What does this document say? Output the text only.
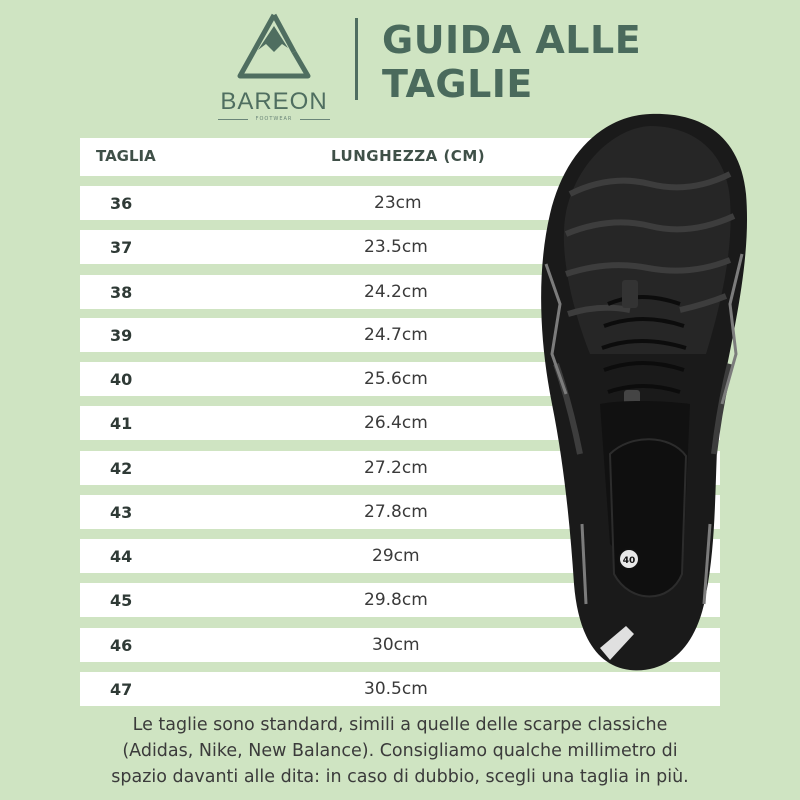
BAREON
FOOTWEAR
GUIDA ALLE
TAGLIE
TAGLIA	LUNGHEZZA (CM)
36	23cm
37	23.5cm
38	24.2cm
39	24.7cm
40	25.6cm
41	26.4cm
42	27.2cm
43	27.8cm
44	29cm
45	29.8cm
46	30cm
47	30.5cm
40
Le taglie sono standard, simili a quelle delle scarpe classiche
(Adidas, Nike, New Balance). Consigliamo qualche millimetro di
spazio davanti alle dita: in caso di dubbio, scegli una taglia in più.
